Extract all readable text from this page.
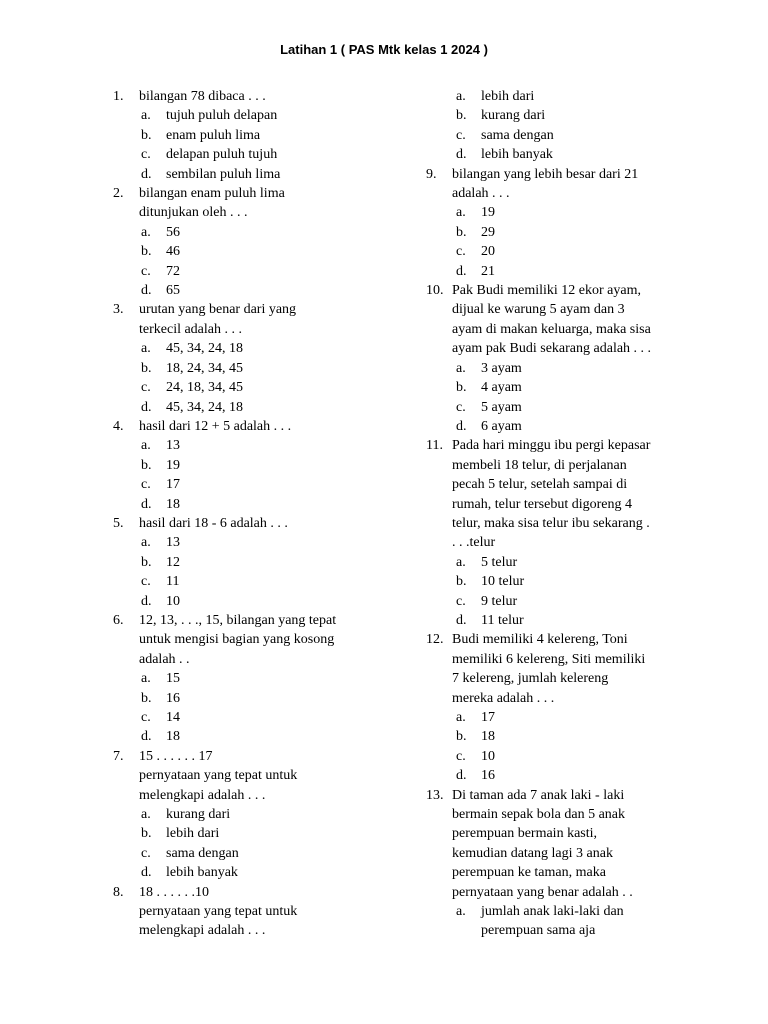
Latihan 1 ( PAS Mtk kelas 1 2024 )
1.	bilangan 78 dibaca . . .
a.	tujuh puluh delapan
b.	enam puluh lima
c.	delapan puluh tujuh
d.	sembilan puluh lima
2.	bilangan enam puluh lima
ditunjukan oleh . . .
a.	56
b.	46
c.	72
d.	65
3.	urutan yang benar dari yang
terkecil adalah . . .
a.	45, 34, 24, 18
b.	18, 24, 34, 45
c.	24, 18, 34, 45
d.	45, 34, 24, 18
4.	hasil dari 12 + 5 adalah . . .
a.	13
b.	19
c.	17
d.	18
5.	hasil dari 18 - 6 adalah . . .
a.	13
b.	12
c.	11
d.	10
6.	12, 13, . . ., 15, bilangan yang tepat
untuk mengisi bagian yang kosong
adalah . .
a.	15
b.	16
c.	14
d.	18
7.	15 . . . . . . 17
pernyataan yang tepat untuk
melengkapi adalah . . .
a.	kurang dari
b.	lebih dari
c.	sama dengan
d.	lebih banyak
8.	18 . . . . . .10
pernyataan yang tepat untuk
melengkapi adalah . . .
a.	lebih dari
b.	kurang dari
c.	sama dengan
d.	lebih banyak
9.	bilangan yang lebih besar dari 21
adalah . . .
a.	19
b.	29
c.	20
d.	21
10. Pak Budi memiliki 12 ekor ayam,
dijual ke warung 5 ayam dan 3
ayam di makan keluarga, maka sisa
ayam pak Budi sekarang adalah . . .
a.	3 ayam
b.	4 ayam
c.	5 ayam
d.	6 ayam
11. Pada hari minggu ibu pergi kepasar
membeli 18 telur, di perjalanan
pecah 5 telur, setelah sampai di
rumah, telur tersebut digoreng 4
telur, maka sisa telur ibu sekarang .
. . .telur
a.	5 telur
b.	10 telur
c.	9 telur
d.	11 telur
12. Budi memiliki 4 kelereng, Toni
memiliki 6 kelereng, Siti memiliki
7 kelereng, jumlah kelereng
mereka adalah . . .
a.	17
b.	18
c.	10
d.	16
13. Di taman ada 7 anak laki - laki
bermain sepak bola dan 5 anak
perempuan bermain kasti,
kemudian datang lagi 3 anak
perempuan ke taman, maka
pernyataan yang benar adalah . .
a.	jumlah anak laki-laki dan
perempuan sama aja
